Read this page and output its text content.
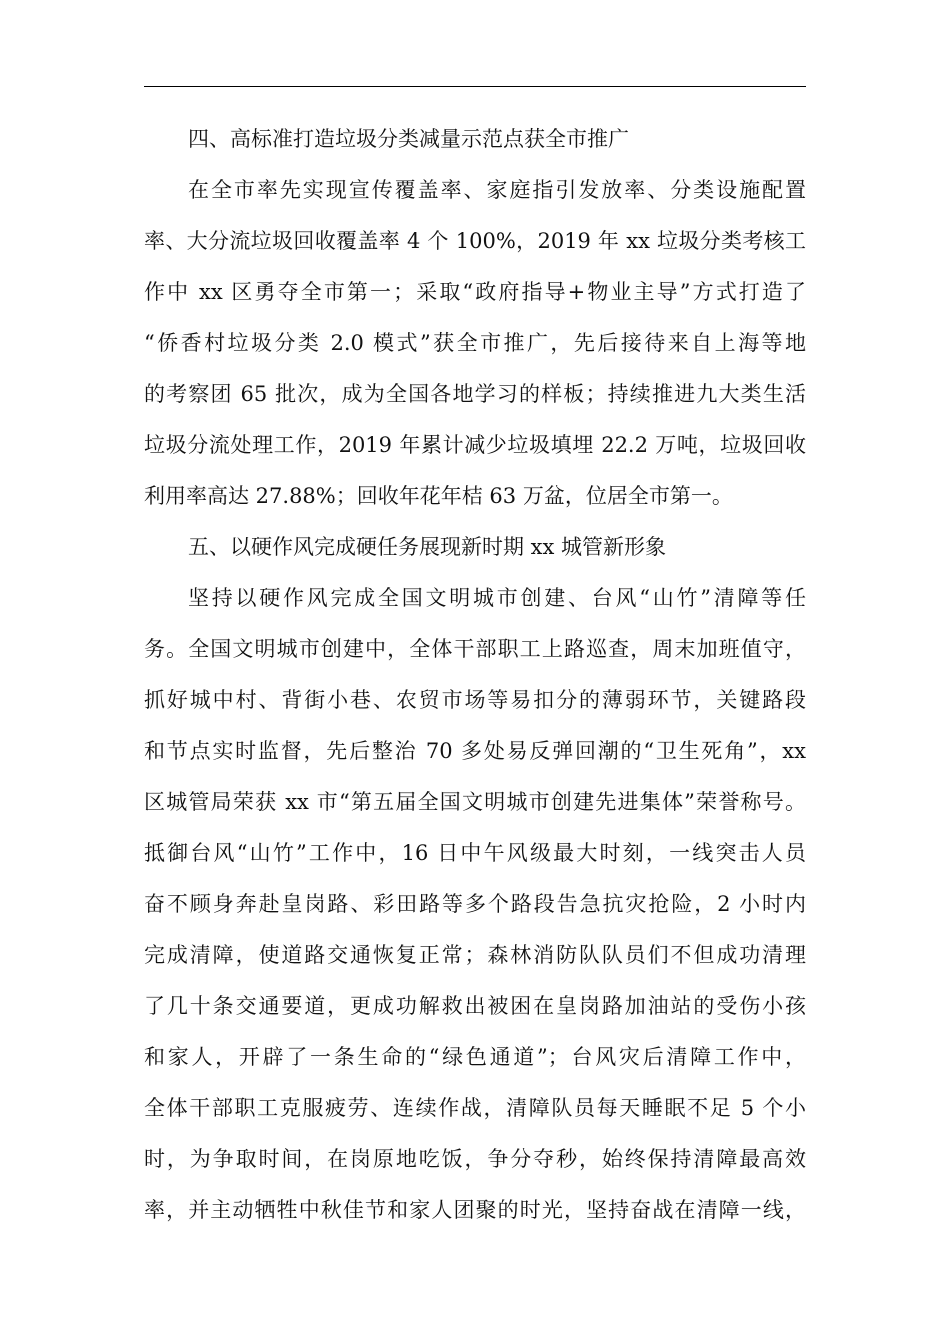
四、高标准打造垃圾分类减量示范点获全市推广
在全市率先实现宣传覆盖率、家庭指引发放率、分类设施配置
率、大分流垃圾回收覆盖率 4 个 100%，2019 年 xx 垃圾分类考核工
作中 xx 区勇夺全市第一；采取“政府指导+物业主导”方式打造了
“侨香村垃圾分类 2.0 模式”获全市推广，先后接待来自上海等地
的考察团 65 批次，成为全国各地学习的样板；持续推进九大类生活
垃圾分流处理工作，2019 年累计减少垃圾填埋 22.2 万吨，垃圾回收
利用率高达 27.88%；回收年花年桔 63 万盆，位居全市第一。
五、以硬作风完成硬任务展现新时期 xx 城管新形象
坚持以硬作风完成全国文明城市创建、台风“山竹”清障等任
务。全国文明城市创建中，全体干部职工上路巡查，周末加班值守，
抓好城中村、背街小巷、农贸市场等易扣分的薄弱环节，关键路段
和节点实时监督，先后整治 70 多处易反弹回潮的“卫生死角”，xx
区城管局荣获 xx 市“第五届全国文明城市创建先进集体”荣誉称号。
抵御台风“山竹”工作中，16 日中午风级最大时刻，一线突击人员
奋不顾身奔赴皇岗路、彩田路等多个路段告急抗灾抢险，2 小时内
完成清障，使道路交通恢复正常；森林消防队队员们不但成功清理
了几十条交通要道，更成功解救出被困在皇岗路加油站的受伤小孩
和家人，开辟了一条生命的“绿色通道”；台风灾后清障工作中，
全体干部职工克服疲劳、连续作战，清障队员每天睡眠不足 5 个小
时，为争取时间，在岗原地吃饭，争分夺秒，始终保持清障最高效
率，并主动牺牲中秋佳节和家人团聚的时光，坚持奋战在清障一线，
